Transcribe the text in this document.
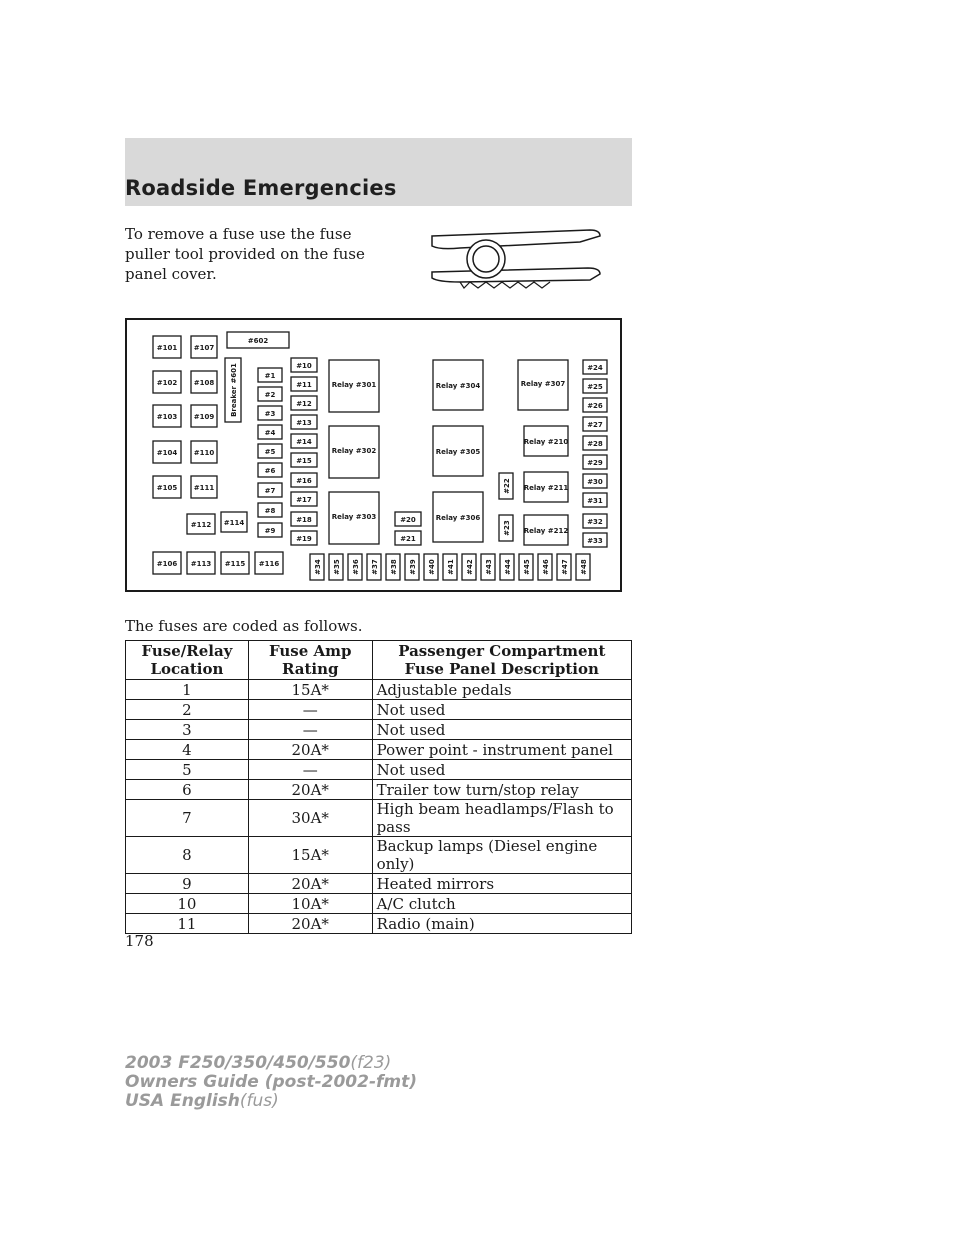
Roadside Emergencies
To remove a fuse use the fuse puller tool provided on the fuse panel cover.
#101 #107
#602
#102 #108
#103 #109
#104 #110
#105 #111
#112 #114
#106 #113 #115 #116
Breaker #601	#1
#2
#3
#4
#5
#6
#7
#8
#9
#10
#11
#12
#13
#14
#15
#16
#17
#18
#19
Relay #301
Relay #302
Relay #303
Relay #304
Relay #305
Relay #306
Relay #307
Relay #210
Relay #211
Relay #212
#20
#21
#22
#23
#24
#25
#26
#27
#28
#29
#30
#31
#32
#33
#34 #35 #36 #37 #38 #39 #40 #41 #42 #43 #44 #45 #46 #47 #48
The fuses are coded as follows.
Fuse/Relay Location	Fuse Amp Rating	Passenger Compartment Fuse Panel Description
1	15A*	Adjustable pedals
2	—	Not used
3	—	Not used
4	20A*	Power point - instrument panel
5	—	Not used
6	20A*	Trailer tow turn/stop relay
7	30A*	High beam headlamps/Flash to pass
8	15A*	Backup lamps (Diesel engine only)
9	20A*	Heated mirrors
10	10A*	A/C clutch
11	20A*	Radio (main)
178
2003 F250/350/450/550(f23)
Owners Guide (post-2002-fmt)
USA English(fus)
